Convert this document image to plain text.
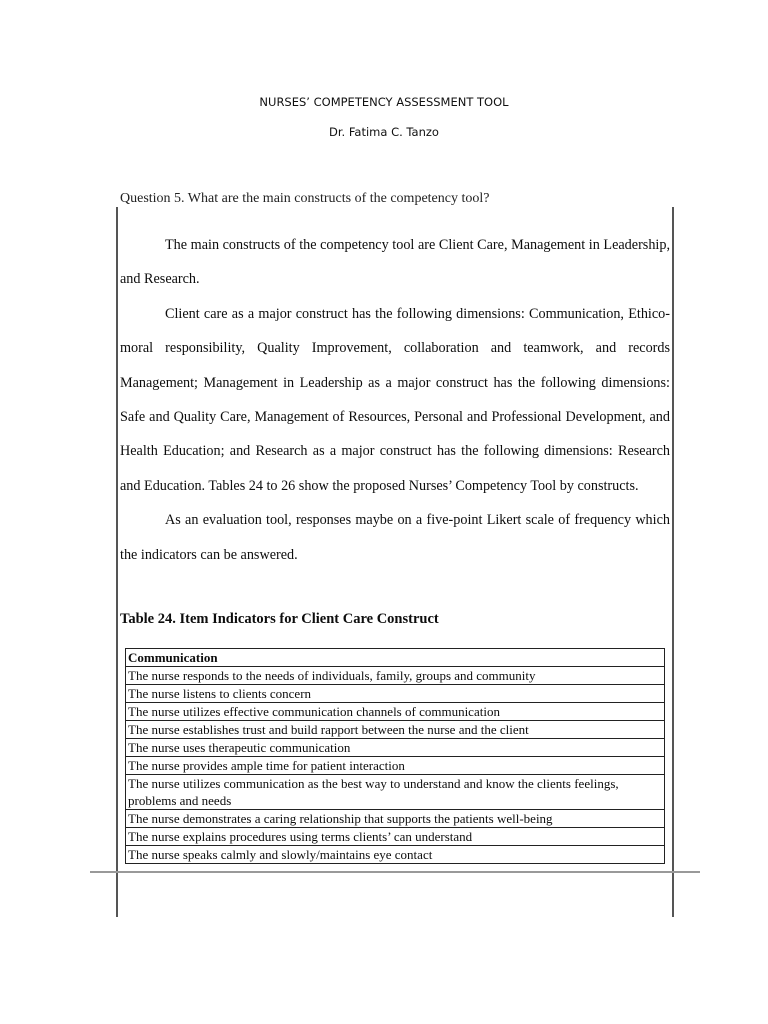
NURSES’ COMPETENCY ASSESSMENT TOOL
Dr. Fatima C. Tanzo
Question 5. What are the main constructs of the competency tool?

The main constructs of the competency tool are Client Care, Management in Leadership, and Research.

Client care as a major construct has the following dimensions: Communication, Ethico-moral responsibility, Quality Improvement, collaboration and teamwork, and records Management; Management in Leadership as a major construct has the following dimensions: Safe and Quality Care, Management of Resources, Personal and Professional Development, and Health Education; and Research as a major construct has the following dimensions: Research and Education. Tables 24 to 26 show the proposed Nurses’ Competency Tool by constructs.

As an evaluation tool, responses maybe on a five-point Likert scale of frequency which the indicators can be answered.

Table 24. Item Indicators for Client Care Construct
Communication
The nurse responds to the needs of individuals, family, groups and community
The nurse listens to clients concern
The nurse utilizes effective communication channels of communication
The nurse establishes trust and build rapport between the nurse and the client
The nurse uses therapeutic communication
The nurse provides ample time for patient interaction
The nurse utilizes communication as the best way to understand and know the clients feelings, problems and needs
The nurse demonstrates a caring relationship that supports the patients well-being
The nurse explains procedures using terms clients’ can understand
The nurse speaks calmly and slowly/maintains eye contact
